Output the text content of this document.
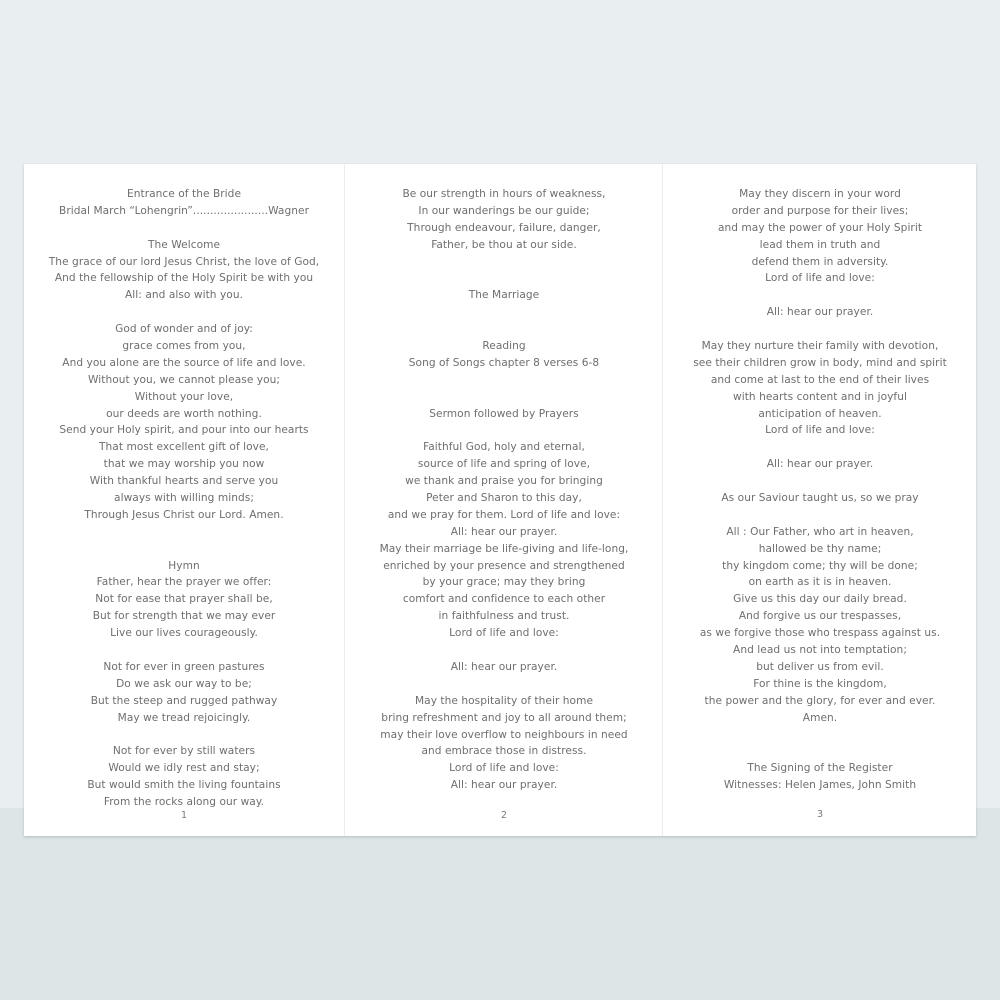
Entrance of the Bride
Bridal March “Lohengrin”......................Wagner
The Welcome
The grace of our lord Jesus Christ, the love of God,
And the fellowship of the Holy Spirit be with you
All: and also with you.
God of wonder and of joy:
grace comes from you,
And you alone are the source of life and love.
Without you, we cannot please you;
Without your love,
our deeds are worth nothing.
Send your Holy spirit, and pour into our hearts
That most excellent gift of love,
that we may worship you now
With thankful hearts and serve you
always with willing minds;
Through Jesus Christ our Lord. Amen.
Hymn
Father, hear the prayer we offer:
Not for ease that prayer shall be,
But for strength that we may ever
Live our lives courageously.
Not for ever in green pastures
Do we ask our way to be;
But the steep and rugged pathway
May we tread rejoicingly.
Not for ever by still waters
Would we idly rest and stay;
But would smith the living fountains
From the rocks along our way.
1
Be our strength in hours of weakness,
In our wanderings be our guide;
Through endeavour, failure, danger,
Father, be thou at our side.
The Marriage
Reading
Song of Songs chapter 8 verses 6-8
Sermon followed by Prayers
Faithful God, holy and eternal,
source of life and spring of love,
we thank and praise you for bringing
Peter and Sharon to this day,
and we pray for them. Lord of life and love:
All: hear our prayer.
May their marriage be life-giving and life-long,
enriched by your presence and strengthened
by your grace; may they bring
comfort and confidence to each other
in faithfulness and trust.
Lord of life and love:
All: hear our prayer.
May the hospitality of their home
bring refreshment and joy to all around them;
may their love overflow to neighbours in need
and embrace those in distress.
Lord of life and love:
All: hear our prayer.
2
May they discern in your word
order and purpose for their lives;
and may the power of your Holy Spirit
lead them in truth and
defend them in adversity.
Lord of life and love:
All: hear our prayer.
May they nurture their family with devotion,
see their children grow in body, mind and spirit
and come at last to the end of their lives
with hearts content and in joyful
anticipation of heaven.
Lord of life and love:
All: hear our prayer.
As our Saviour taught us, so we pray
All : Our Father, who art in heaven,
hallowed be thy name;
thy kingdom come; thy will be done;
on earth as it is in heaven.
Give us this day our daily bread.
And forgive us our trespasses,
as we forgive those who trespass against us.
And lead us not into temptation;
but deliver us from evil.
For thine is the kingdom,
the power and the glory, for ever and ever.
Amen.
The Signing of the Register
Witnesses: Helen James, John Smith
3
